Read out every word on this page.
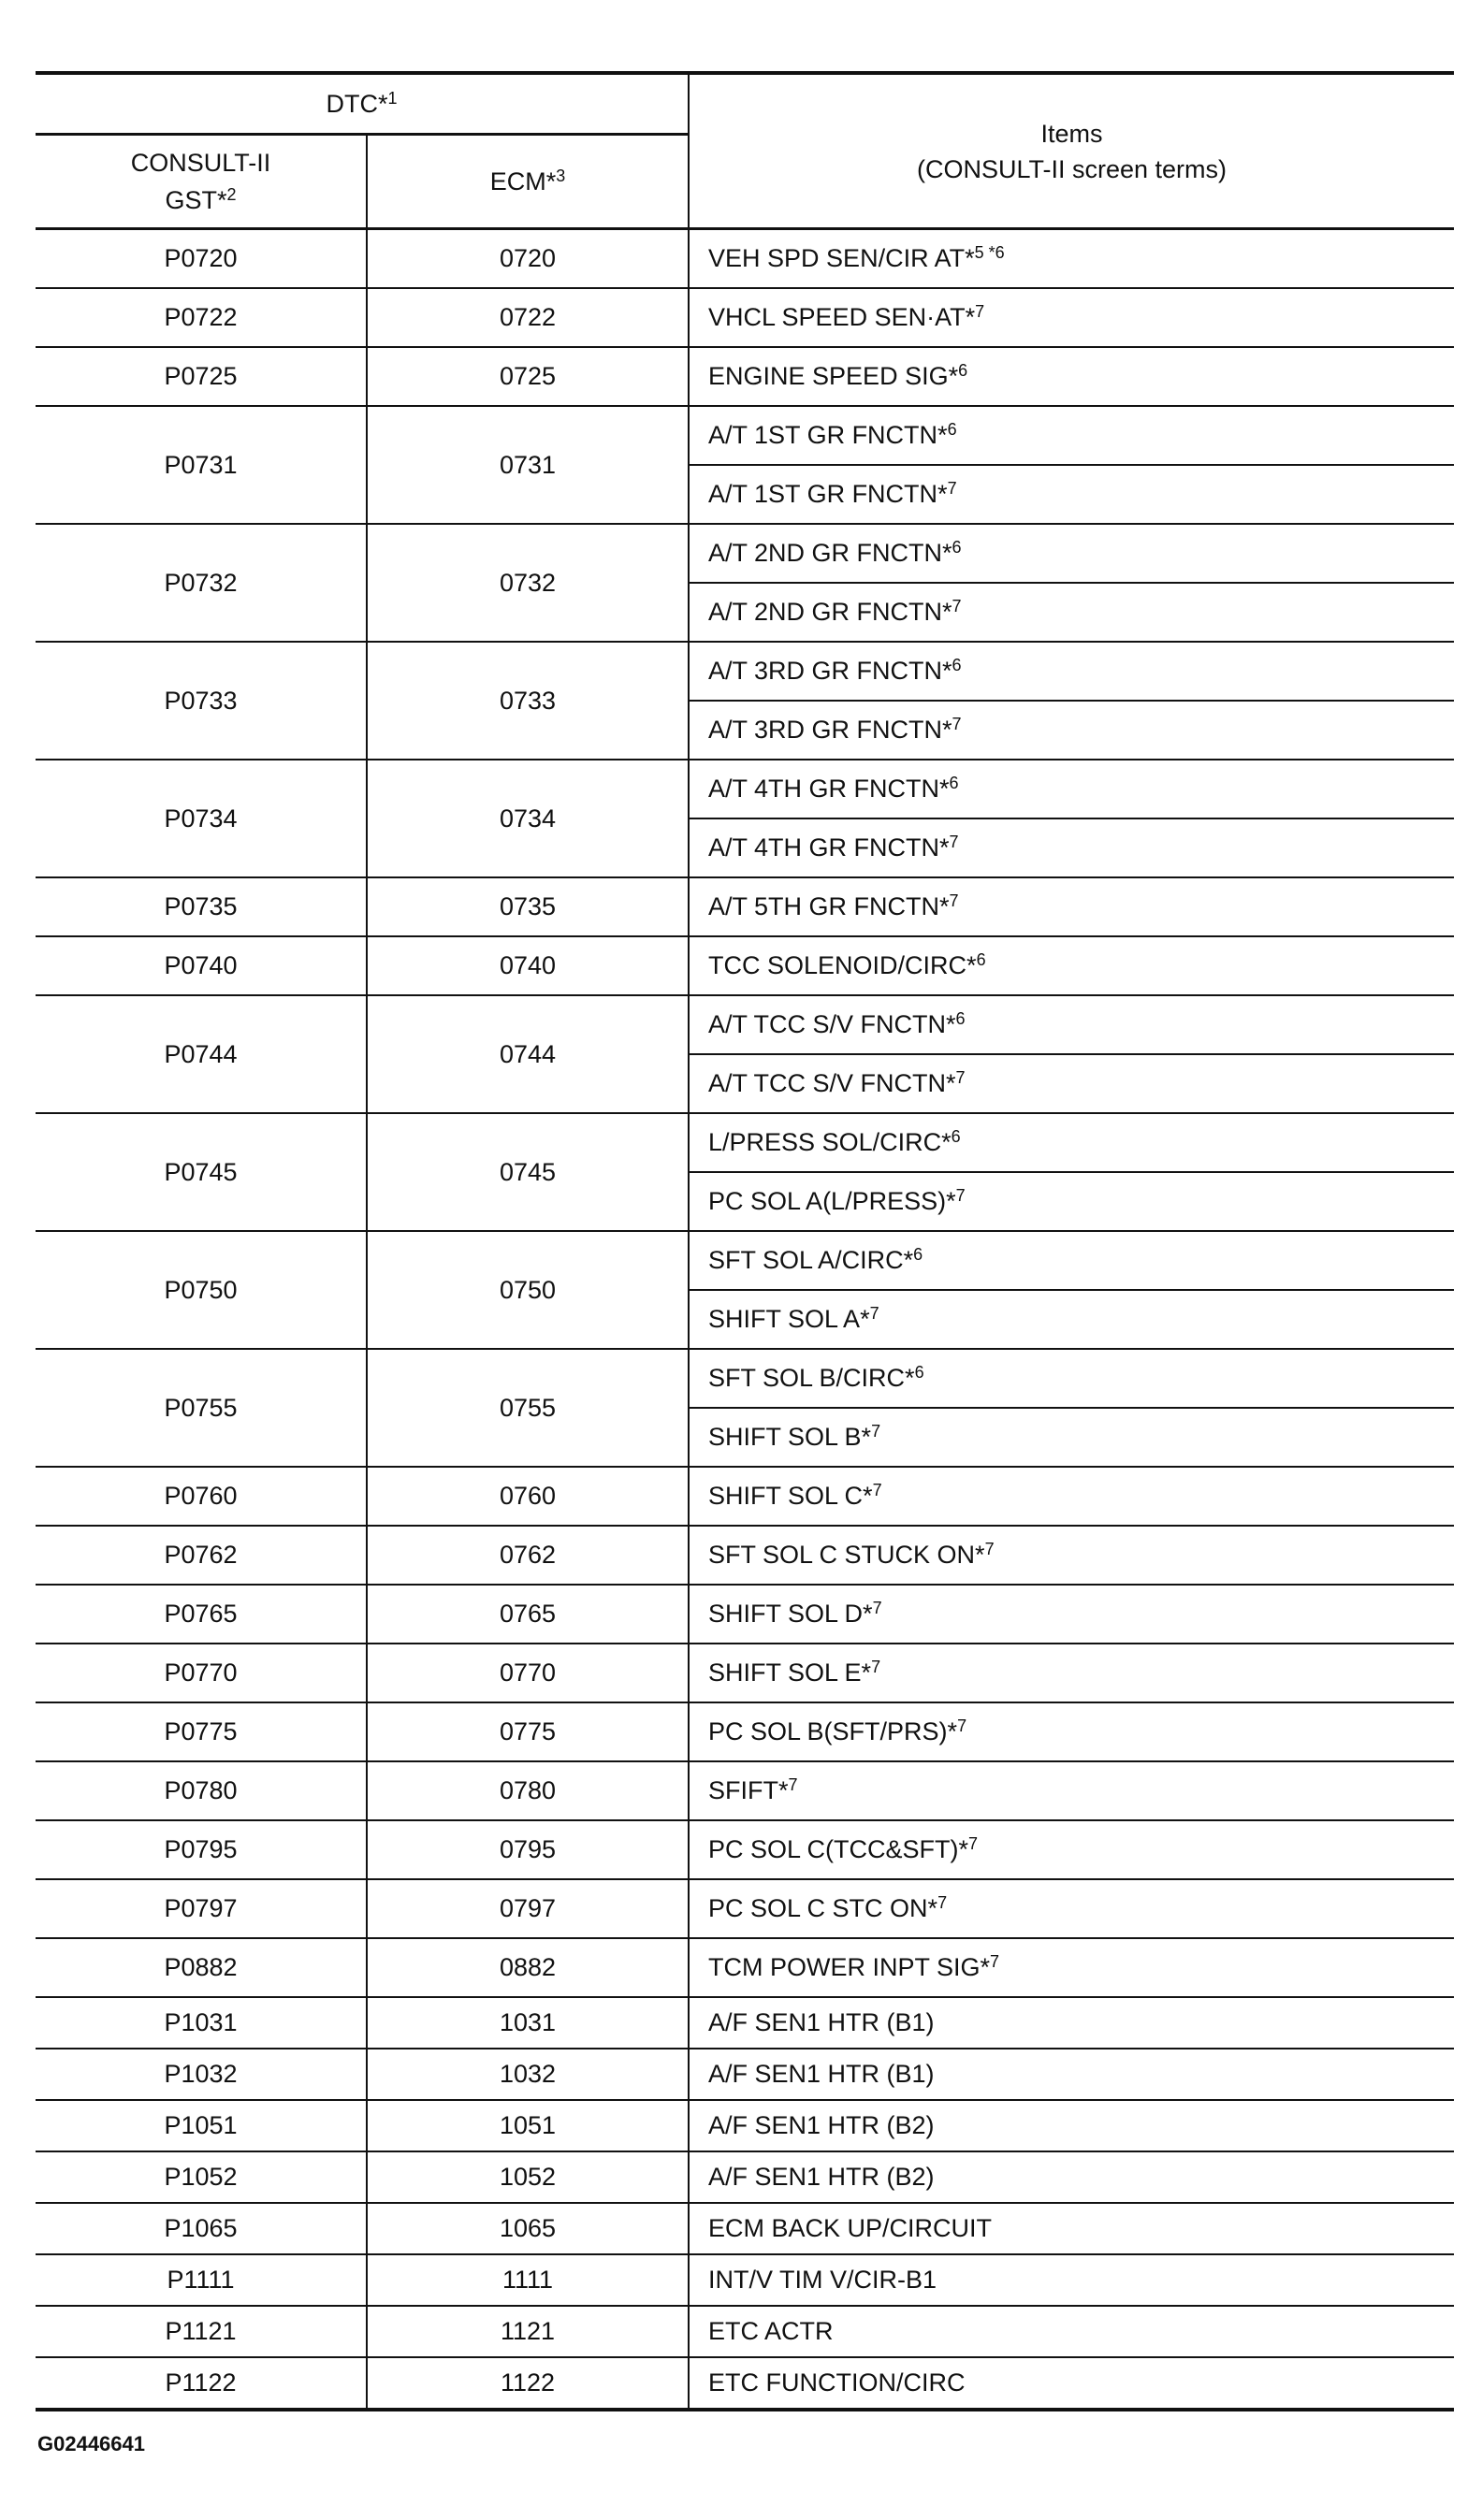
DTC*$^1$		Items
(CONSULT-II screen terms)
CONSULT-II
GST*$^2$	ECM*$^3$
P0720	0720	VEH SPD SEN/CIR AT*$^{5 *6}$
P0722	0722	VHCL SPEED SEN·AT*$^7$
P0725	0725	ENGINE SPEED SIG*$^6$
P0731	0731	A/T 1ST GR FNCTN*$^6$
		A/T 1ST GR FNCTN*$^7$
P0732	0732	A/T 2ND GR FNCTN*$^6$
		A/T 2ND GR FNCTN*$^7$
P0733	0733	A/T 3RD GR FNCTN*$^6$
		A/T 3RD GR FNCTN*$^7$
P0734	0734	A/T 4TH GR FNCTN*$^6$
		A/T 4TH GR FNCTN*$^7$
P0735	0735	A/T 5TH GR FNCTN*$^7$
P0740	0740	TCC SOLENOID/CIRC*$^6$
P0744	0744	A/T TCC S/V FNCTN*$^6$
		A/T TCC S/V FNCTN*$^7$
P0745	0745	L/PRESS SOL/CIRC*$^6$
		PC SOL A(L/PRESS)*$^7$
P0750	0750	SFT SOL A/CIRC*$^6$
		SHIFT SOL A*$^7$
P0755	0755	SFT SOL B/CIRC*$^6$
		SHIFT SOL B*$^7$
P0760	0760	SHIFT SOL C*$^7$
P0762	0762	SFT SOL C STUCK ON*$^7$
P0765	0765	SHIFT SOL D*$^7$
P0770	0770	SHIFT SOL E*$^7$
P0775	0775	PC SOL B(SFT/PRS)*$^7$
P0780	0780	SFIFT*$^7$
P0795	0795	PC SOL C(TCC&SFT)*$^7$
P0797	0797	PC SOL C STC ON*$^7$
P0882	0882	TCM POWER INPT SIG*$^7$
P1031	1031	A/F SEN1 HTR (B1)
P1032	1032	A/F SEN1 HTR (B1)
P1051	1051	A/F SEN1 HTR (B2)
P1052	1052	A/F SEN1 HTR (B2)
P1065	1065	ECM BACK UP/CIRCUIT
P1111	1111	INT/V TIM V/CIR-B1
P1121	1121	ETC ACTR
P1122	1122	ETC FUNCTION/CIRC
G02446641
